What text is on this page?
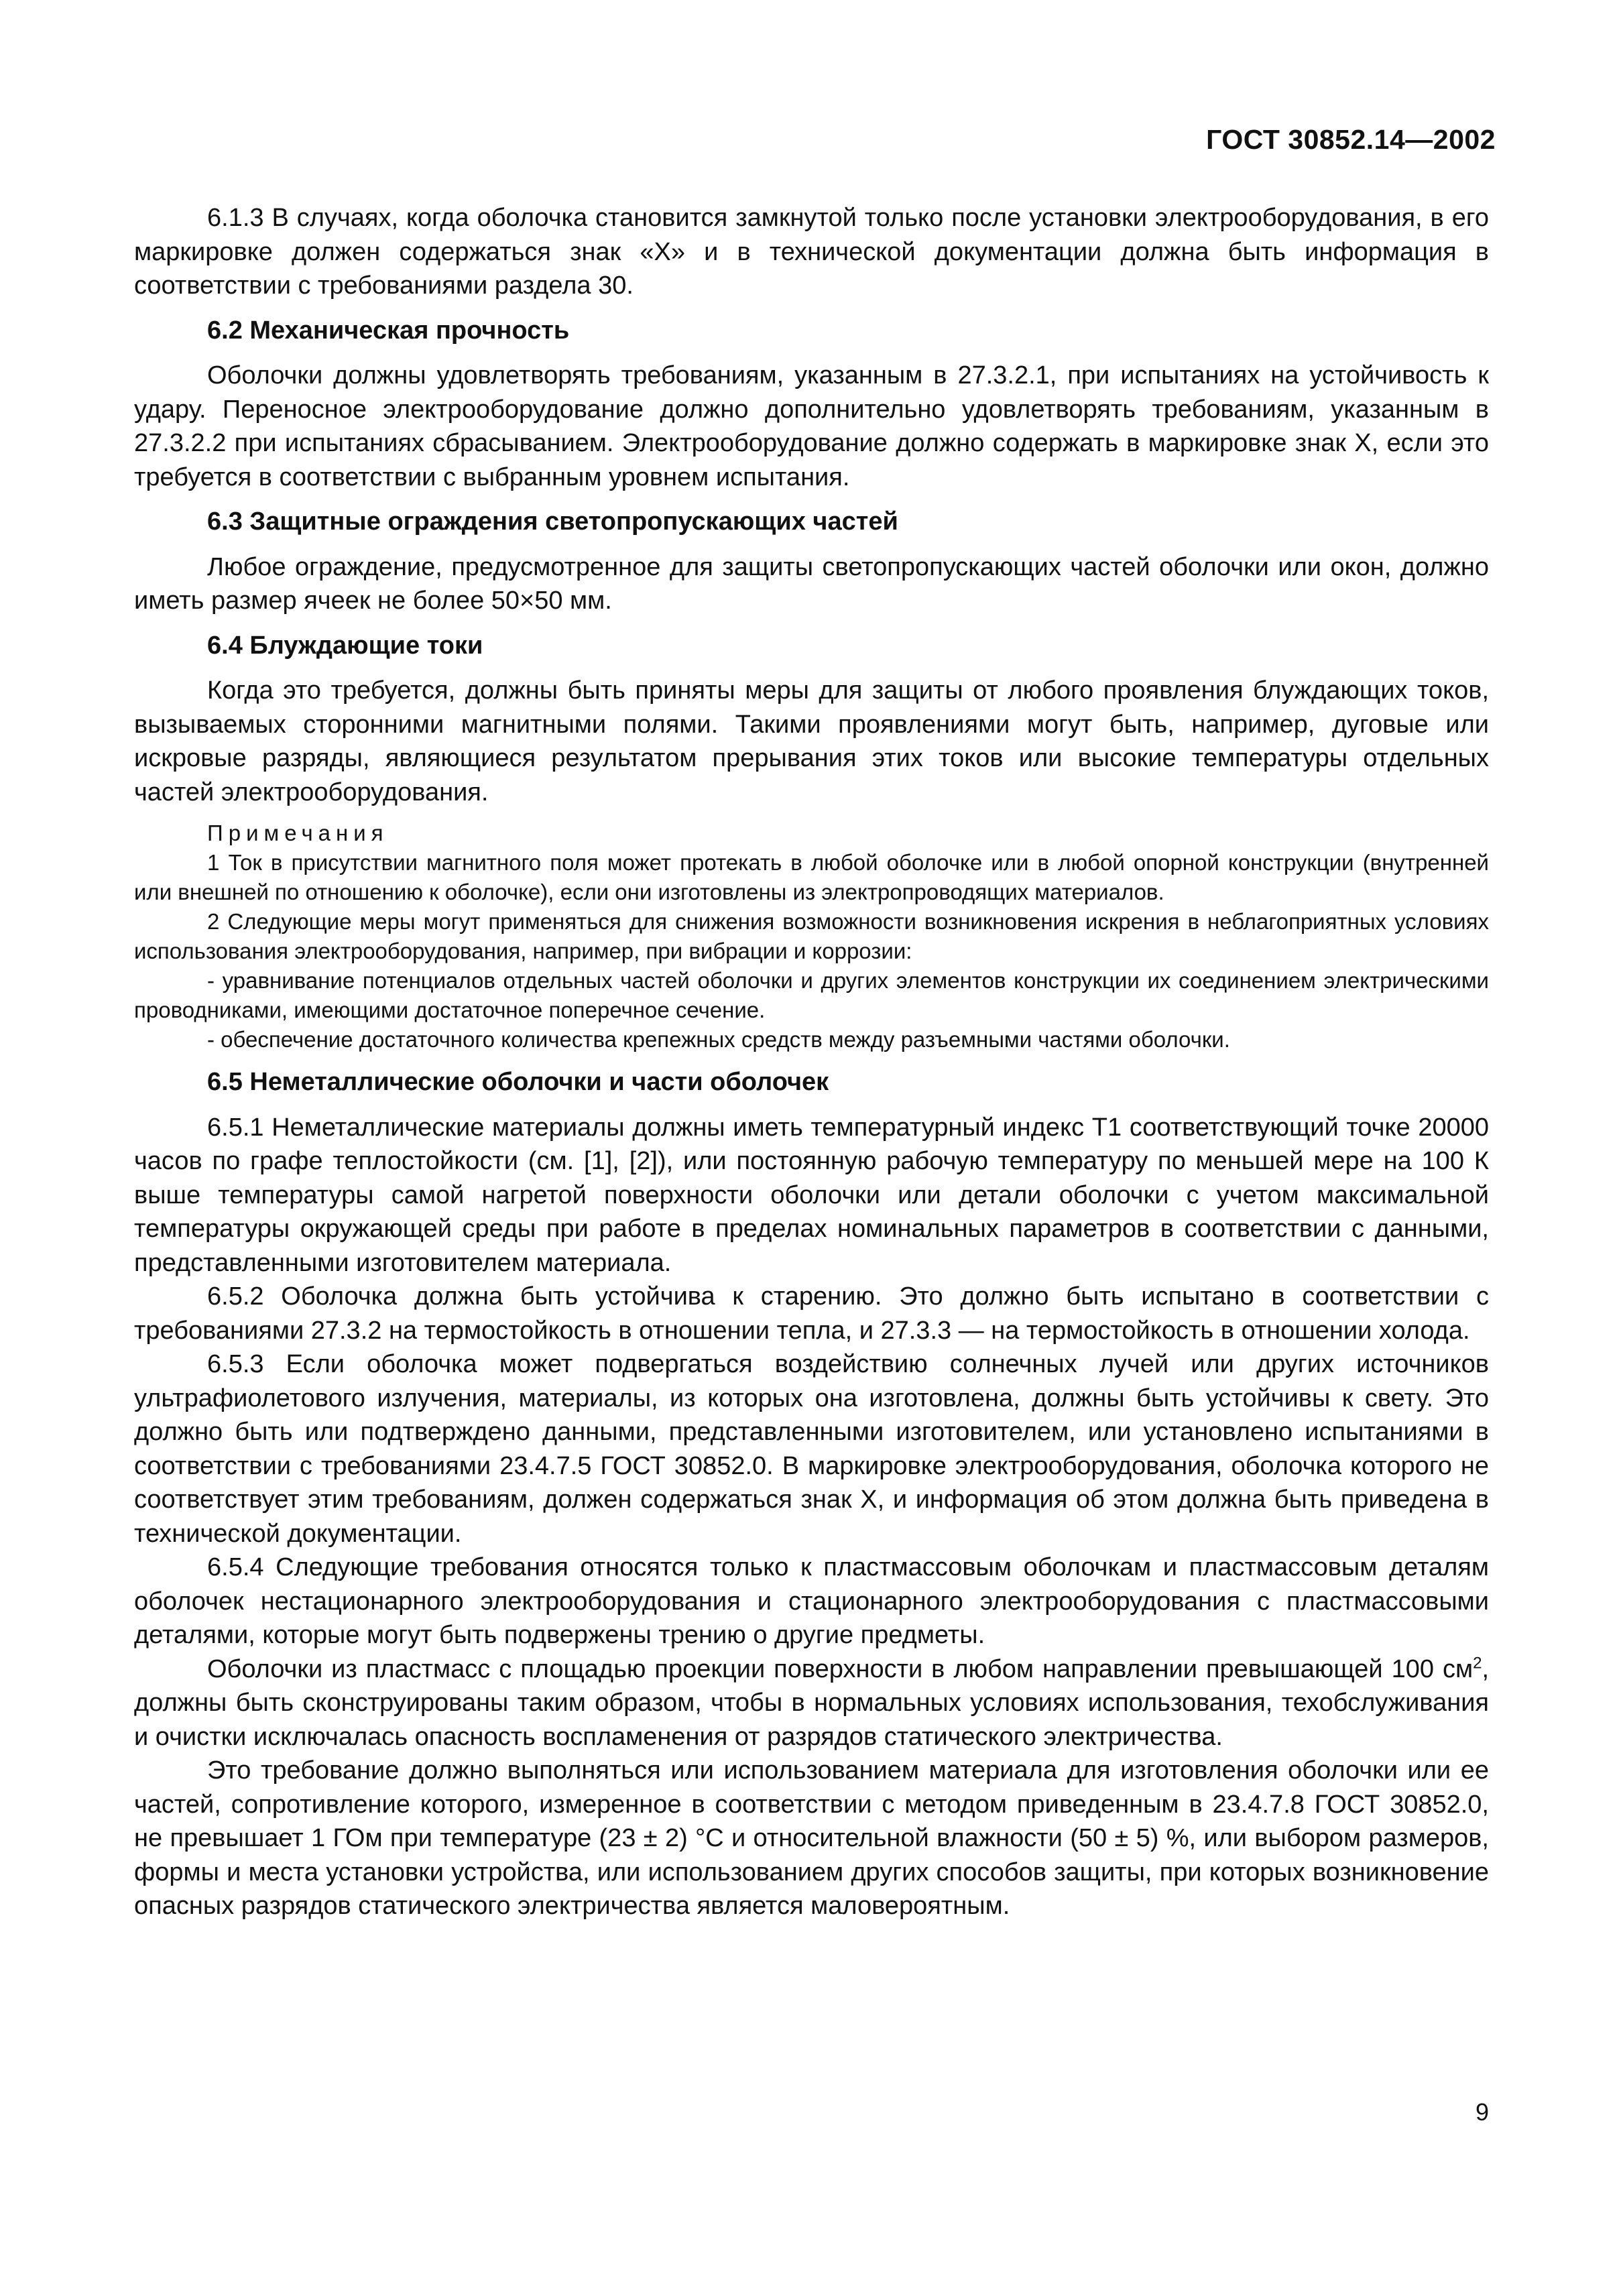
ГОСТ 30852.14—2002

6.1.3 В случаях, когда оболочка становится замкнутой только после установки электрооборудования, в его маркировке должен содержаться знак «Х» и в технической документации должна быть информация в соответствии с требованиями раздела 30.

6.2 Механическая прочность

Оболочки должны удовлетворять требованиям, указанным в 27.3.2.1, при испытаниях на устойчивость к удару. Переносное электрооборудование должно дополнительно удовлетворять требованиям, указанным в 27.3.2.2 при испытаниях сбрасыванием. Электрооборудование должно содержать в маркировке знак X, если это требуется в соответствии с выбранным уровнем испытания.

6.3 Защитные ограждения светопропускающих частей

Любое ограждение, предусмотренное для защиты светопропускающих частей оболочки или окон, должно иметь размер ячеек не более 50×50 мм.

6.4 Блуждающие токи

Когда это требуется, должны быть приняты меры для защиты от любого проявления блуждающих токов, вызываемых сторонними магнитными полями. Такими проявлениями могут быть, например, дуговые или искровые разряды, являющиеся результатом прерывания этих токов или высокие температуры отдельных частей электрооборудования.

Примечания

1 Ток в присутствии магнитного поля может протекать в любой оболочке или в любой опорной конструкции (внутренней или внешней по отношению к оболочке), если они изготовлены из электропроводящих материалов.

2 Следующие меры могут применяться для снижения возможности возникновения искрения в неблагоприятных условиях использования электрооборудования, например, при вибрации и коррозии:

- уравнивание потенциалов отдельных частей оболочки и других элементов конструкции их соединением электрическими проводниками, имеющими достаточное поперечное сечение.

- обеспечение достаточного количества крепежных средств между разъемными частями оболочки.

6.5 Неметаллические оболочки и части оболочек

6.5.1 Неметаллические материалы должны иметь температурный индекс Т1 соответствующий точке 20000 часов по графе теплостойкости (см. [1], [2]), или постоянную рабочую температуру по меньшей мере на 100 К выше температуры самой нагретой поверхности оболочки или детали оболочки с учетом максимальной температуры окружающей среды при работе в пределах номинальных параметров в соответствии с данными, представленными изготовителем материала.

6.5.2 Оболочка должна быть устойчива к старению. Это должно быть испытано в соответствии с требованиями 27.3.2 на термостойкость в отношении тепла, и 27.3.3 — на термостойкость в отношении холода.

6.5.3 Если оболочка может подвергаться воздействию солнечных лучей или других источников ультрафиолетового излучения, материалы, из которых она изготовлена, должны быть устойчивы к свету. Это должно быть или подтверждено данными, представленными изготовителем, или установлено испытаниями в соответствии с требованиями 23.4.7.5 ГОСТ 30852.0. В маркировке электрооборудования, оболочка которого не соответствует этим требованиям, должен содержаться знак X, и информация об этом должна быть приведена в технической документации.

6.5.4 Следующие требования относятся только к пластмассовым оболочкам и пластмассовым деталям оболочек нестационарного электрооборудования и стационарного электрооборудования с пластмассовыми деталями, которые могут быть подвержены трению о другие предметы.

Оболочки из пластмасс с площадью проекции поверхности в любом направлении превышающей 100 $см^2$, должны быть сконструированы таким образом, чтобы в нормальных условиях использования, техобслуживания и очистки исключалась опасность воспламенения от разрядов статического электричества.

Это требование должно выполняться или использованием материала для изготовления оболочки или ее частей, сопротивление которого, измеренное в соответствии с методом приведенным в 23.4.7.8 ГОСТ 30852.0, не превышает 1 ГОм при температуре (23 ± 2) °С и относительной влажности (50 ± 5) %, или выбором размеров, формы и места установки устройства, или использованием других способов защиты, при которых возникновение опасных разрядов статического электричества является маловероятным.

9
